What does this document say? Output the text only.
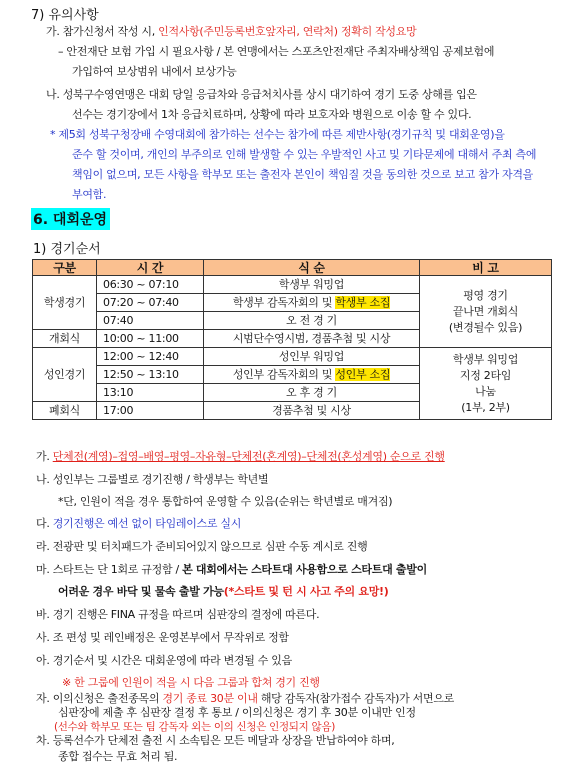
7) 유의사항
가. 참가신청서 작성 시, 인적사항(주민등록번호앞자리, 연락처) 정확히 작성요망
– 안전재단 보험 가입 시 필요사항 / 본 연맹에서는 스포츠안전재단 주최자배상책임 공제보험에
가입하여 보상범위 내에서 보상가능
나. 성북구수영연맹은 대회 당일 응급차와 응급처치사를 상시 대기하여 경기 도중 상해를 입은
선수는 경기장에서 1차 응급치료하며, 상황에 따라 보호자와 병원으로 이송 할 수 있다.
* 제5회 성북구청장배 수영대회에 참가하는 선수는 참가에 따른 제반사항(경기규칙 및 대회운영)을
준수 할 것이며, 개인의 부주의로 인해 발생할 수 있는 우발적인 사고 및 기타문제에 대해서 주최 측에
책임이 없으며, 모든 사항을 학부모 또는 출전자 본인이 책임질 것을 동의한 것으로 보고 참가 자격을
부여함.
6. 대회운영
1) 경기순서
구분	시 간	식 순	비 고
학생경기	06:30 ~ 07:10	학생부 워밍업	평영 경기
끝나면 개회식
(변경될수 있음)

	07:20 ~ 07:40	학생부 감독자회의 및 학생부 소집	
	07:40	오 전 경 기	
개회식	10:00 ~ 11:00	시범단수영시범, 경품추첨 및 시상	
성인경기	12:00 ~ 12:40	성인부 워밍업	학생부 워밍업
지정 2타임
나눔
(1부, 2부)

	12:50 ~ 13:10	성인부 감독자회의 및 성인부 소집	
	13:10	오 후 경 기	
폐회식	17:00	경품추첨 및 시상	
가. 단체전(계영)–접영–배영–평영–자유형–단체전(혼계영)–단체전(혼성계영) 순으로 진행
나. 성인부는 그룹별로 경기진행 / 학생부는 학년별
*단, 인원이 적을 경우 통합하여 운영할 수 있음(순위는 학년별로 매겨짐)
다. 경기진행은 예선 없이 타임레이스로 실시
라. 전광판 및 터치패드가 준비되어있지 않으므로 심판 수동 계시로 진행
마. 스타트는 단 1회로 규정함 / 본 대회에서는 스타트대 사용함으로 스타트대 출발이
어려운 경우 바닥 및 물속 출발 가능(*스타트 및 턴 시 사고 주의 요망!)
바. 경기 진행은 FINA 규정을 따르며 심판장의 결정에 따른다.
사. 조 편성 및 레인배정은 운영본부에서 무작위로 정함
아. 경기순서 및 시간은 대회운영에 따라 변경될 수 있음
※ 한 그룹에 인원이 적을 시 다음 그룹과 합쳐 경기 진행
자. 이의신청은 출전종목의 경기 종료 30분 이내 해당 감독자(참가접수 감독자)가 서면으로
심판장에 제출 후 심판장 결정 후 통보 / 이의신청은 경기 후 30분 이내만 인정
(선수와 학부모 또는 팀 감독자 외는 이의 신청은 인정되지 않음)
차. 등록선수가 단체전 출전 시 소속팀은 모든 메달과 상장을 반납하여야 하며,
종합 접수는 무효 처리 됨.
